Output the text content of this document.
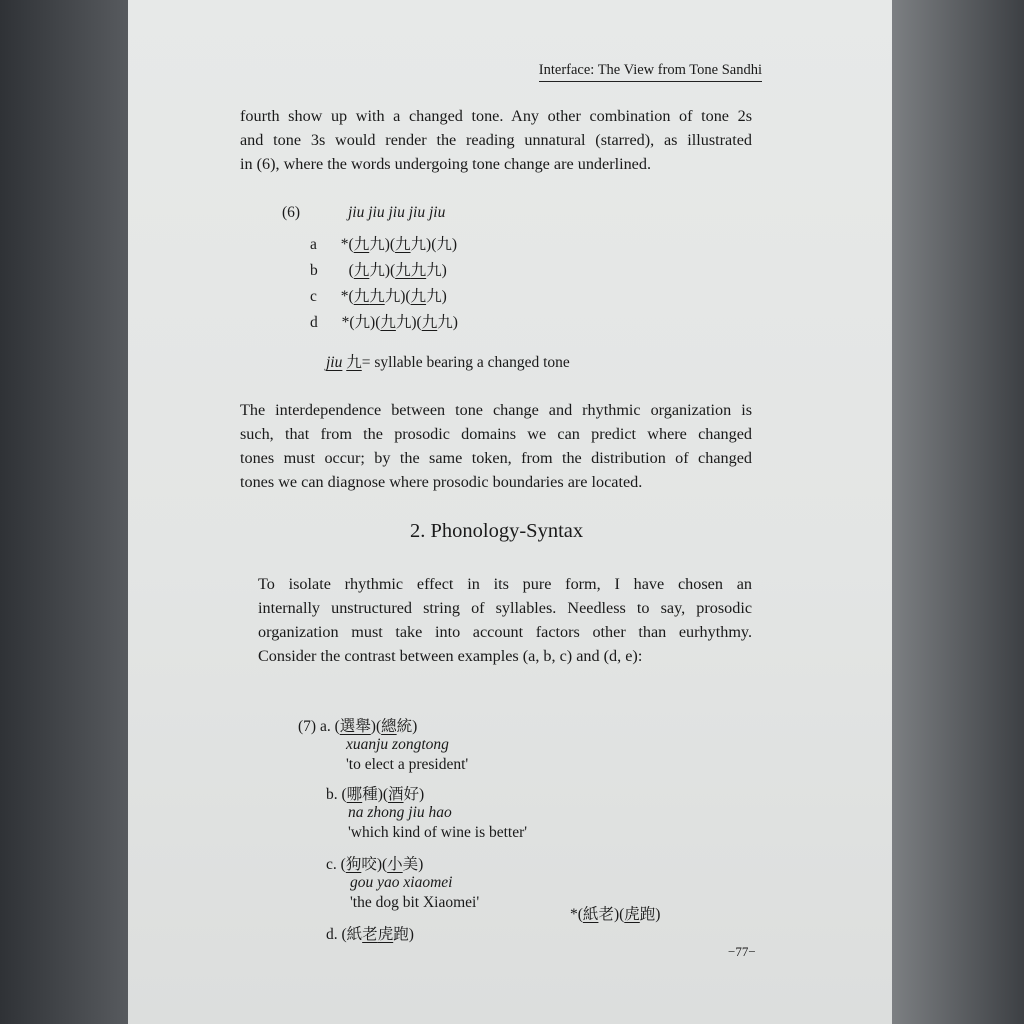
Interface: The View from Tone Sandhi
fourth show up with a changed tone. Any other combination of tone 2s
and tone 3s would render the reading unnatural (starred), as illustrated
in (6), where the words undergoing tone change are underlined.
(6)	jiu jiu jiu jiu jiu
a *(九九)(九九)(九)
b (九九)(九九九)
c *(九九九)(九九)
d *(九)(九九)(九九)
jiu 九= syllable bearing a changed tone
The interdependence between tone change and rhythmic organization is
such, that from the prosodic domains we can predict where changed
tones must occur; by the same token, from the distribution of changed
tones we can diagnose where prosodic boundaries are located.
2. Phonology-Syntax
To isolate rhythmic effect in its pure form, I have chosen an
internally unstructured string of syllables. Needless to say, prosodic
organization must take into account factors other than eurhythmy.
Consider the contrast between examples (a, b, c) and (d, e):
(7) a. (選舉)(總統)
xuanju zongtong
'to elect a president'
b. (哪種)(酒好)
na zhong jiu hao
'which kind of wine is better'
c. (狗咬)(小美)
gou yao xiaomei
'the dog bit Xiaomei'
*(紙老)(虎跑)
d. (紙老虎跑)
−77−
